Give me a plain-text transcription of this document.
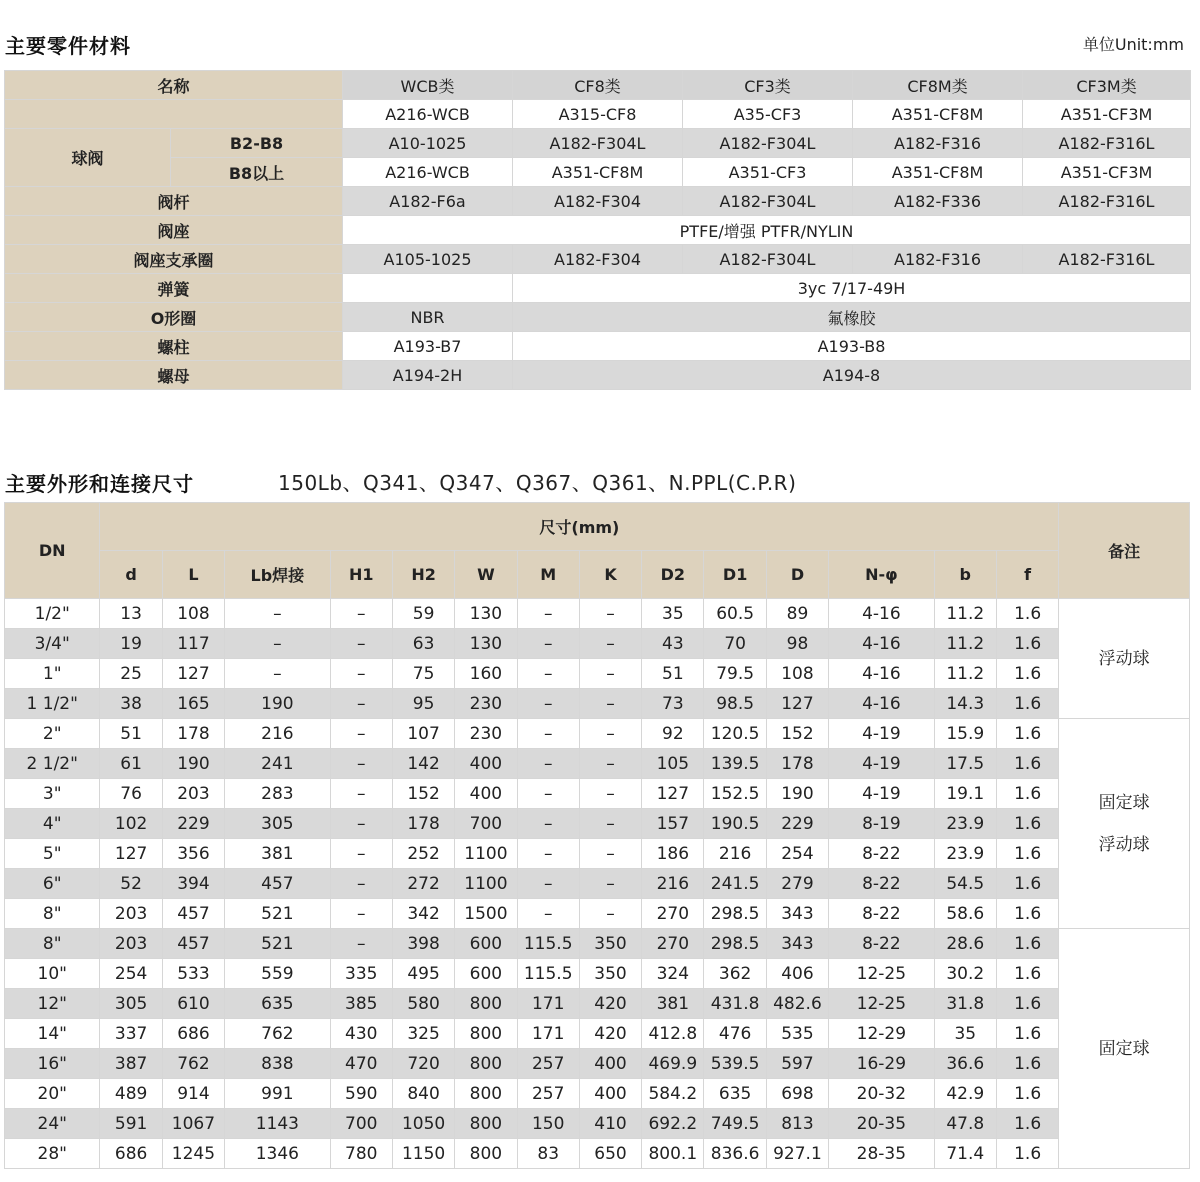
主要零件材料	单位Unit:mm
名称		WCB类	CF8类	CF3类	CF8M类	CF3M类
		A216-WCB	A315-CF8	A35-CF3	A351-CF8M	A351-CF3M
球阀	B2-B8	A10-1025	A182-F304L	A182-F304L	A182-F316	A182-F316L
	B8以上	A216-WCB	A351-CF8M	A351-CF3	A351-CF8M	A351-CF3M
阀杆		A182-F6a	A182-F304	A182-F304L	A182-F336	A182-F316L
阀座		PTFE/增强 PTFR/NYLIN				
阀座支承圈		A105-1025	A182-F304	A182-F304L	A182-F316	A182-F316L
弹簧			3yc 7/17-49H			
O形圈		NBR	氟橡胶			
螺柱		A193-B7	A193-B8			
螺母		A194-2H	A194-8			
主要外形和连接尺寸	150Lb、Q341、Q347、Q367、Q361、N.PPL(C.P.R)
DN	尺寸(mm)														备注
	d	L	Lb焊接	H1	H2	W	M	K	D2	D1	D	N-φ	b	f	
1/2"	13	108	–	–	59	130	–	–	35	60.5	89	4-16	11.2	1.6	浮动球

3/4"	19	117	–	–	63	130	–	–	43	70	98	4-16	11.2	1.6	
1"	25	127	–	–	75	160	–	–	51	79.5	108	4-16	11.2	1.6	
1 1/2"	38	165	190	–	95	230	–	–	73	98.5	127	4-16	14.3	1.6	
2"	51	178	216	–	107	230	–	–	92	120.5	152	4-19	15.9	1.6	固定球
浮动球

2 1/2"	61	190	241	–	142	400	–	–	105	139.5	178	4-19	17.5	1.6	
3"	76	203	283	–	152	400	–	–	127	152.5	190	4-19	19.1	1.6	
4"	102	229	305	–	178	700	–	–	157	190.5	229	8-19	23.9	1.6	
5"	127	356	381	–	252	1100	–	–	186	216	254	8-22	23.9	1.6	
6"	52	394	457	–	272	1100	–	–	216	241.5	279	8-22	54.5	1.6	
8"	203	457	521	–	342	1500	–	–	270	298.5	343	8-22	58.6	1.6	
8"	203	457	521	–	398	600	115.5	350	270	298.5	343	8-22	28.6	1.6	固定球

10"	254	533	559	335	495	600	115.5	350	324	362	406	12-25	30.2	1.6	
12"	305	610	635	385	580	800	171	420	381	431.8	482.6	12-25	31.8	1.6	
14"	337	686	762	430	325	800	171	420	412.8	476	535	12-29	35	1.6	
16"	387	762	838	470	720	800	257	400	469.9	539.5	597	16-29	36.6	1.6	
20"	489	914	991	590	840	800	257	400	584.2	635	698	20-32	42.9	1.6	
24"	591	1067	1143	700	1050	800	150	410	692.2	749.5	813	20-35	47.8	1.6	
28"	686	1245	1346	780	1150	800	83	650	800.1	836.6	927.1	28-35	71.4	1.6	
